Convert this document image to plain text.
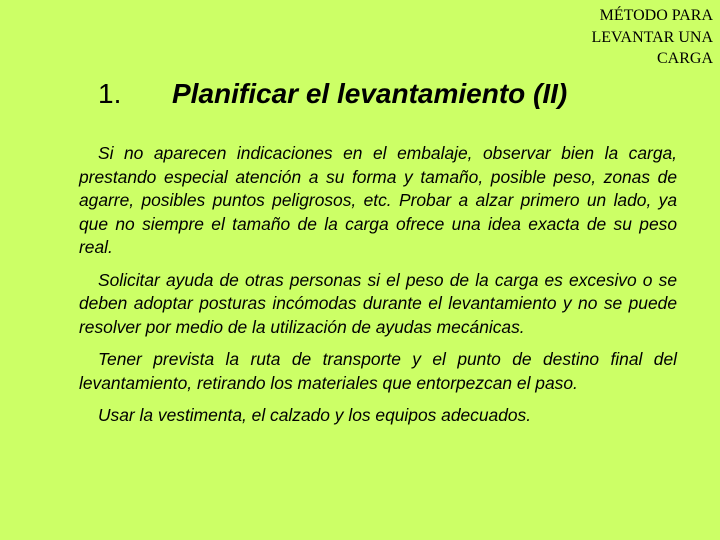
MÉTODO PARA
LEVANTAR UNA
CARGA
1. Planificar el levantamiento (II)

Si no aparecen indicaciones en el embalaje, observar bien la carga, prestando especial atención a su forma y tamaño, posible peso, zonas de agarre, posibles puntos peligrosos, etc. Probar a alzar primero un lado, ya que no siempre el tamaño de la carga ofrece una idea exacta de su peso real.

Solicitar ayuda de otras personas si el peso de la carga es excesivo o se deben adoptar posturas incómodas durante el levantamiento y no se puede resolver por medio de la utilización de ayudas mecánicas.

Tener prevista la ruta de transporte y el punto de destino final del levantamiento, retirando los materiales que entorpezcan el paso.

Usar la vestimenta, el calzado y los equipos adecuados.
